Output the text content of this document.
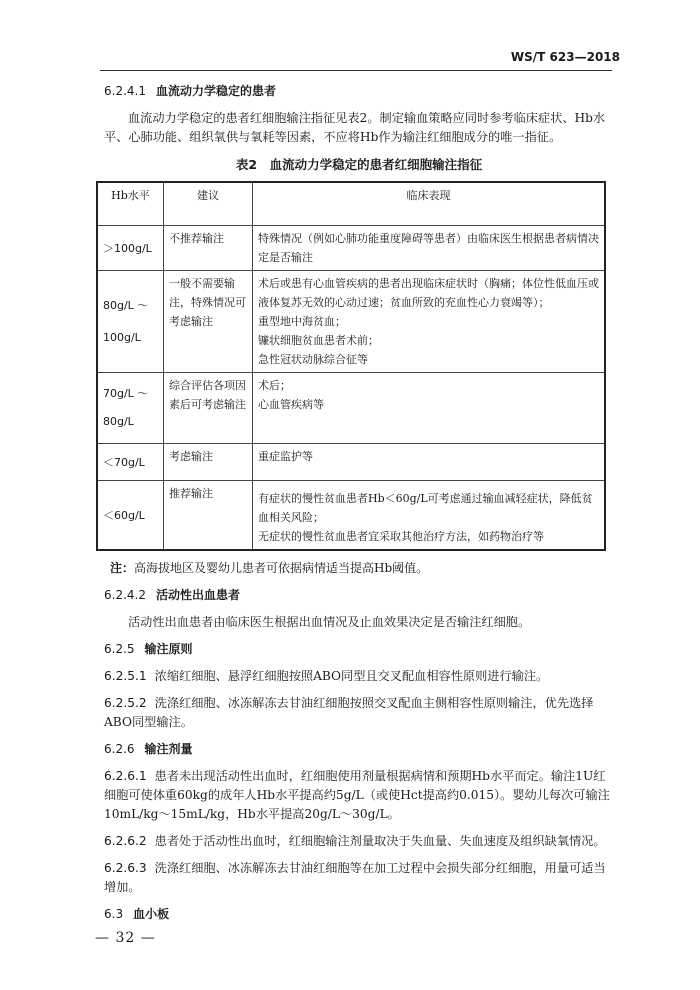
WS/T 623—2018
6.2.4.1 血流动力学稳定的患者

血流动力学稳定的患者红细胞输注指征见表2。制定输血策略应同时参考临床症状、Hb水平、心肺功能、组织氧供与氧耗等因素，不应将Hb作为输注红细胞成分的唯一指征。

表2　血流动力学稳定的患者红细胞输注指征
Hb水平	建议	临床表现
＞100g/L	不推荐输注	特殊情况（例如心肺功能重度障碍等患者）由临床医生根据患者病情决定是否输注
80g/L ～ 100g/L	一般不需要输注，特殊情况可考虑输注	术后或患有心血管疾病的患者出现临床症状时（胸痛；体位性低血压或液体复苏无效的心动过速；贫血所致的充血性心力衰竭等）；
重型地中海贫血；
镰状细胞贫血患者术前；
急性冠状动脉综合征等
70g/L ～ 80g/L	综合评估各项因素后可考虑输注	术后；
心血管疾病等
＜70g/L	考虑输注	重症监护等
＜60g/L	推荐输注	有症状的慢性贫血患者Hb＜60g/L可考虑通过输血减轻症状，降低贫血相关风险；
无症状的慢性贫血患者宜采取其他治疗方法，如药物治疗等
注：高海拔地区及婴幼儿患者可依据病情适当提高Hb阈值。
6.2.4.2 活动性出血患者

活动性出血患者由临床医生根据出血情况及止血效果决定是否输注红细胞。

6.2.5 输注原则

6.2.5.1 浓缩红细胞、悬浮红细胞按照ABO同型且交叉配血相容性原则进行输注。

6.2.5.2 洗涤红细胞、冰冻解冻去甘油红细胞按照交叉配血主侧相容性原则输注，优先选择ABO同型输注。

6.2.6 输注剂量

6.2.6.1 患者未出现活动性出血时，红细胞使用剂量根据病情和预期Hb水平而定。输注1U红细胞可使体重60kg的成年人Hb水平提高约5g/L（或使Hct提高约0.015）。婴幼儿每次可输注10mL/kg～15mL/kg，Hb水平提高20g/L～30g/L。

6.2.6.2 患者处于活动性出血时，红细胞输注剂量取决于失血量、失血速度及组织缺氧情况。

6.2.6.3 洗涤红细胞、冰冻解冻去甘油红细胞等在加工过程中会损失部分红细胞，用量可适当增加。

6.3 血小板
— 32 —
